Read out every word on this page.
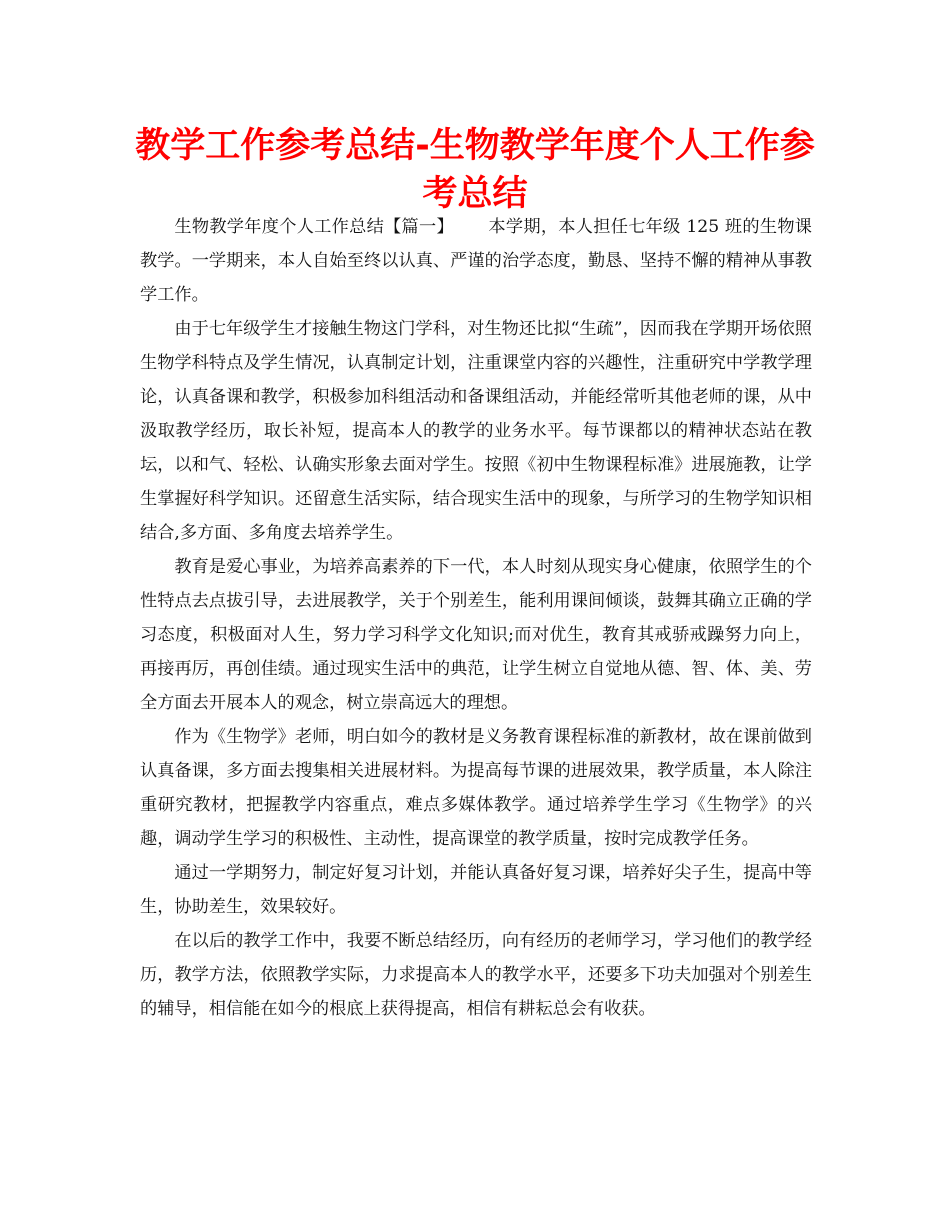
教学工作参考总结-生物教学年度个人工作参考总结

生物教学年度个人工作总结【篇一】      本学期，本人担任七年级 125 班的生物课教学。一学期来，本人自始至终以认真、严谨的治学态度，勤恳、坚持不懈的精神从事教学工作。

由于七年级学生才接触生物这门学科，对生物还比拟“生疏”，因而我在学期开场依照生物学科特点及学生情况，认真制定计划，注重课堂内容的兴趣性，注重研究中学教学理论，认真备课和教学，积极参加科组活动和备课组活动，并能经常听其他老师的课，从中汲取教学经历，取长补短，提高本人的教学的业务水平。每节课都以的精神状态站在教坛，以和气、轻松、认确实形象去面对学生。按照《初中生物课程标准》进展施教，让学生掌握好科学知识。还留意生活实际，结合现实生活中的现象，与所学习的生物学知识相结合,多方面、多角度去培养学生。

教育是爱心事业，为培养高素养的下一代，本人时刻从现实身心健康，依照学生的个性特点去点拔引导，去进展教学，关于个别差生，能利用课间倾谈，鼓舞其确立正确的学习态度，积极面对人生，努力学习科学文化知识;而对优生，教育其戒骄戒躁努力向上，再接再厉，再创佳绩。通过现实生活中的典范，让学生树立自觉地从德、智、体、美、劳全方面去开展本人的观念，树立崇高远大的理想。

作为《生物学》老师，明白如今的教材是义务教育课程标准的新教材，故在课前做到认真备课，多方面去搜集相关进展材料。为提高每节课的进展效果，教学质量，本人除注重研究教材，把握教学内容重点，难点多媒体教学。通过培养学生学习《生物学》的兴趣，调动学生学习的积极性、主动性，提高课堂的教学质量，按时完成教学任务。

通过一学期努力，制定好复习计划，并能认真备好复习课，培养好尖子生，提高中等生，协助差生，效果较好。

在以后的教学工作中，我要不断总结经历，向有经历的老师学习，学习他们的教学经历，教学方法，依照教学实际，力求提高本人的教学水平，还要多下功夫加强对个别差生的辅导，相信能在如今的根底上获得提高，相信有耕耘总会有收获。
